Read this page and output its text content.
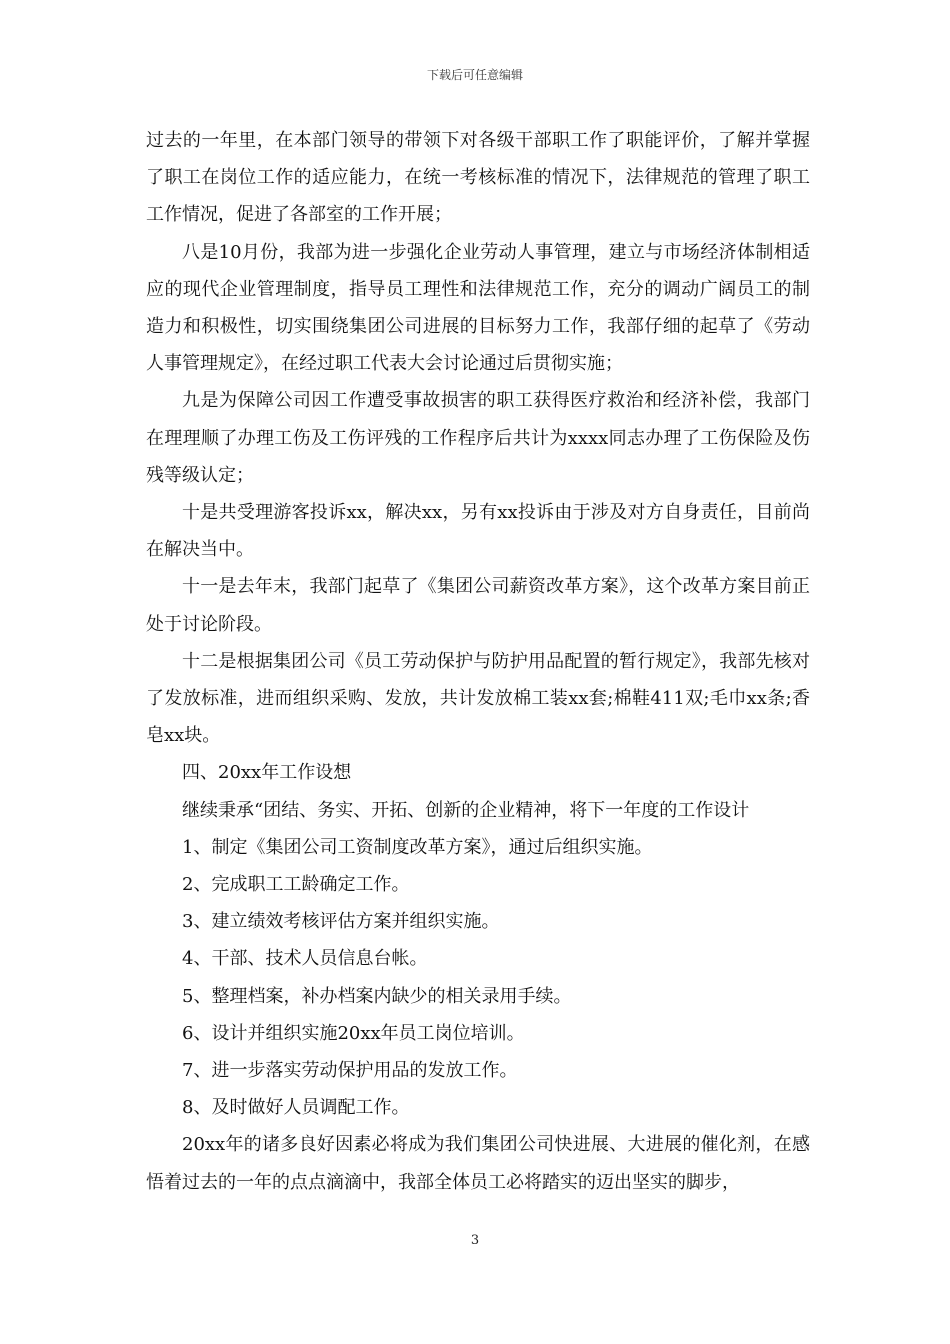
下载后可任意编辑

过去的一年里，在本部门领导的带领下对各级干部职工作了职能评价，了解并掌握了职工在岗位工作的适应能力，在统一考核标准的情况下，法律规范的管理了职工工作情况，促进了各部室的工作开展；

八是10月份，我部为进一步强化企业劳动人事管理，建立与市场经济体制相适应的现代企业管理制度，指导员工理性和法律规范工作，充分的调动广阔员工的制造力和积极性，切实围绕集团公司进展的目标努力工作，我部仔细的起草了《劳动人事管理规定》，在经过职工代表大会讨论通过后贯彻实施；

九是为保障公司因工作遭受事故损害的职工获得医疗救治和经济补偿，我部门在理理顺了办理工伤及工伤评残的工作程序后共计为xxxx同志办理了工伤保险及伤残等级认定；

十是共受理游客投诉xx，解决xx，另有xx投诉由于涉及对方自身责任，目前尚在解决当中。

十一是去年末，我部门起草了《集团公司薪资改革方案》，这个改革方案目前正处于讨论阶段。

十二是根据集团公司《员工劳动保护与防护用品配置的暂行规定》，我部先核对了发放标准，进而组织采购、发放，共计发放棉工装xx套;棉鞋411双;毛巾xx条;香皂xx块。

四、20xx年工作设想

继续秉承“团结、务实、开拓、创新的企业精神，将下一年度的工作设计

1、制定《集团公司工资制度改革方案》，通过后组织实施。

2、完成职工工龄确定工作。

3、建立绩效考核评估方案并组织实施。

4、干部、技术人员信息台帐。

5、整理档案，补办档案内缺少的相关录用手续。

6、设计并组织实施20xx年员工岗位培训。

7、进一步落实劳动保护用品的发放工作。

8、及时做好人员调配工作。

20xx年的诸多良好因素必将成为我们集团公司快进展、大进展的催化剂，在感悟着过去的一年的点点滴滴中，我部全体员工必将踏实的迈出坚实的脚步，

3
